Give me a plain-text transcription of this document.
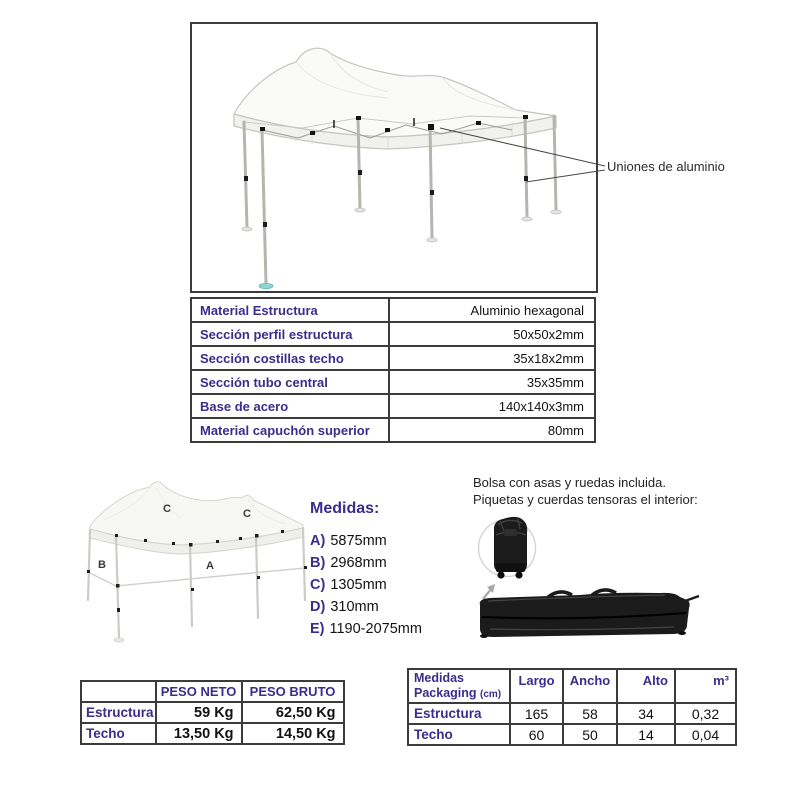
Uniones de aluminio
Material Estructura	Aluminio hexagonal
Sección perfil estructura	50x50x2mm
Sección costillas techo	35x18x2mm
Sección tubo central	35x35mm
Base de acero	140x140x3mm
Material capuchón superior	80mm
C	C
B	A
Medidas:
A) 5875mm
B) 2968mm
C) 1305mm
D) 310mm
E) 1190-2075mm
Bolsa con asas y ruedas incluida.
Piquetas y cuerdas tensoras el interior:
	PESO NETO	PESO BRUTO
Estructura	59 Kg	62,50 Kg
Techo	13,50 Kg	14,50 Kg
Medidas
Packaging (cm)	Largo	Ancho	Alto	m³
Estructura	165	58	34	0,32
Techo	60	50	14	0,04
